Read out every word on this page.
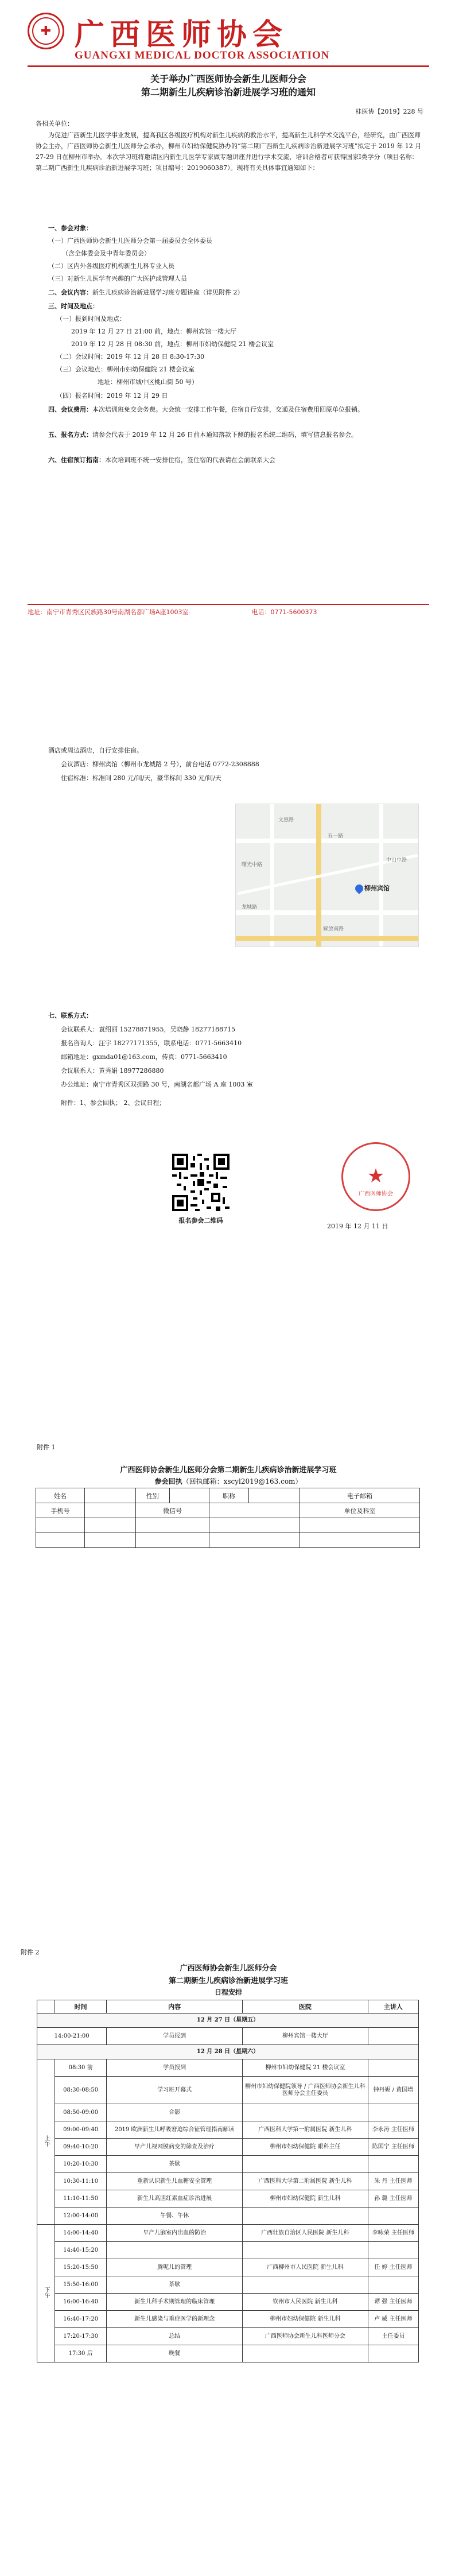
✚ 广西医师协会
GUANGXI MEDICAL DOCTOR ASSOCIATION
关于举办广西医师协会新生儿医师分会
第二期新生儿疾病诊治新进展学习班的通知
桂医协【2019】228 号
各相关单位：
为促进广西新生儿医学事业发展，提高我区各级医疗机构对新生儿疾病的救治水平，提高新生儿科学术交流平台，经研究，由广西医师协会主办，广西医师协会新生儿医师分会承办，柳州市妇幼保健院协办的“第二期广西新生儿疾病诊治新进展学习班”拟定于 2019 年 12 月 27-29 日在柳州市举办。本次学习班将邀请区内新生儿医学专家做专题讲座并进行学术交流，培训合格者可获得国家Ⅰ类学分（项目名称：第二期广西新生儿疾病诊治新进展学习班；项目编号：2019060387）。现将有关具体事宜通知如下：
一、参会对象：
（一）广西医师协会新生儿医师分会第一届委员会全体委员
（含全体委会及中青年委员会）
（二）区内外各级医疗机构新生儿科专业人员
（三）对新生儿医学有兴趣的广大医护或管理人员
二、会议内容：新生儿疾病诊治新进展学习班专题讲座（详见附件 2）
三、时间及地点：
（一）报到时间及地点：
2019 年 12 月 27 日 21:00 前，地点：柳州宾馆一楼大厅
2019 年 12 月 28 日 08:30 前，地点：柳州市妇幼保健院 21 楼会议室
（二）会议时间：2019 年 12 月 28 日 8:30-17:30
（三）会议地点：柳州市妇幼保健院 21 楼会议室
地址：柳州市城中区桃山街 50 号）
（四）报名时间：2019 年 12 月 29 日
四、会议费用：本次培训班免交会务费。大会统一安排工作午餐，住宿自行安排，交通及住宿费用回原单位报销。
五、报名方式：请参会代表于 2019 年 12 月 26 日前本通知落款下侧的报名系统二维码，填写信息报名参会。
六、住宿预订指南：本次培训班不统一安排住宿，签住宿的代表请在会前联系大会
地址：南宁市青秀区民族路30号南湖名都广场A座1003室　　　　　　　　　　电话：0771-5600373
酒店或周边酒店，自行安排住宿。
会议酒店：柳州宾馆（柳州市龙城路 2 号），前台电话 0772-2308888
住宿标准：标准间 280 元/间/天，豪华标间 330 元/间/天
五一路
龙城路
中山中路
文惠路
解放南路
曙光中路
柳州宾馆
七、联系方式：
会议联系人：袁绍丽 15278871955，吴晓静 18277188715
报名咨询人：汪宇 18277171355，联系电话：0771-5663410
邮箱地址：gxmda01@163.com，传真：0771-5663410
会议联系人：黄秀娟 18977286880
办公地址：南宁市青秀区双拥路 30 号，南湖名都广场 A 座 1003 室
附件：1、参会回执； 2、会议日程；
报名参会二维码
★
广西医师协会
2019 年 12 月 11 日
附件 1
广西医师协会新生儿医师分会第二期新生儿疾病诊治新进展学习班
参会回执（回执邮箱：xscyl2019@163.com）
姓名		性别		职称		电子邮箱
手机号		微信号				单位及科室

附件 2
广西医师协会新生儿医师分会
第二期新生儿疾病诊治新进展学习班
日程安排
	时间	内容	医院	主讲人
12 月 27 日（星期五）				
14:00-21:00		学员报到	柳州宾馆一楼大厅	
12 月 28 日（星期六）				
上午	08:30 前	学员报到	柳州市妇幼保健院 21 楼会议室	
	08:30-08:50	学习班开幕式	柳州市妇幼保健院领导 / 广西医师协会新生儿科医师分会主任委员	钟丹妮 / 黄国增
	08:50-09:00	合影		
	09:00-09:40	2019 欧洲新生儿呼吸窘迫综合征管理指南解读	广西医科大学第一附属医院 新生儿科	李永涛 主任医师
	09:40-10:20	早产儿视网膜病变的筛查及治疗	柳州市妇幼保健院 眼科主任	陈国宁 主任医师
	10:20-10:30	茶歇		
	10:30-11:10	重新认识新生儿血糖安全管理	广西医科大学第二附属医院 新生儿科	朱 丹 主任医师
	11:10-11:50	新生儿高胆红素血症诊治进展	柳州市妇幼保健院 新生儿科	孙 璐 主任医师
	12:00-14:00	午餐、午休		
下午	14:00-14:40	早产儿脑室内出血的防治	广西壮族自治区人民医院 新生儿科	李咏荣 主任医师
	14:40-15:20			
	15:20-15:50	腾呢儿的管理	广西柳州市人民医院 新生儿科	任 婷 主任医师
	15:50-16:00	茶歇		
	16:00-16:40	新生儿科手术期管理的临床管理	钦州市人民医院 新生儿科	谭 强 主任医师
	16:40-17:20	新生儿感染与重症医学的新理念	柳州市妇幼保健院 新生儿科	卢 威 主任医师
	17:20-17:30	总结	广西医师协会新生儿科医师分会	主任委员
	17:30 后	晚餐		
